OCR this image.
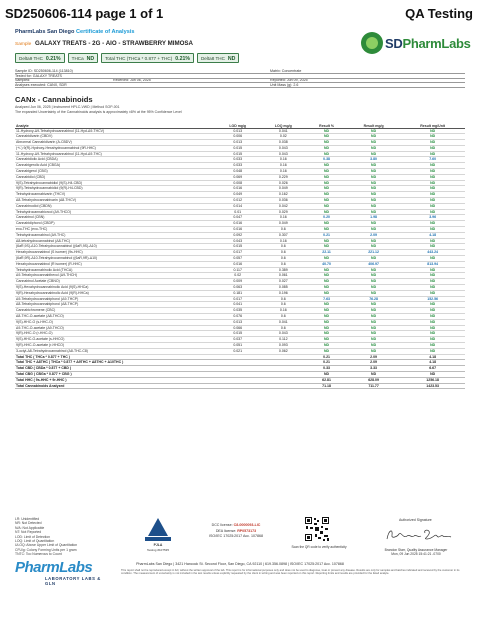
SD250606-114 page 1 of 1	QA Testing
PharmLabs San Diego Certificate of Analysis
Sample GALAXY TREATS - 2G - AIO - STRAWBERRY MIMOSA
Delta9 THC 0.21%	THCa ND	Total THC (THCa * 0.877 + THC) 0.21%	Delta8 THC ND
SDPharmLabs
Sample ID: SD250606-114 (113810)	Matrix: Concentrate
Tested for: GALAXY TREATS
Sampled:	Received: Jun 06, 2025	Reported: Jun 09, 2025
Analyses executed: CANX, SDR	Unit Mass (g): 2.6
CANx - Cannabinoids
Analyzed Jun 06, 2025 | Instrument HPLC-VWD | Method SOP-001
The expanded Uncertainty of the Cannabinoids analysis is approximately ±8% at the 95% Confidence Level
Analyte	LOD mg/g	LOQ mg/g	Result %	Result mg/g	Result mg/Unit
11-Hydroxy-Δ9-Tetrahydrocannabinol (11-Hyd-Δ9-THCV)	0.013	0.041	ND	ND	ND
Cannabidivarin (CBDV)	0.006	0.02	ND	ND	ND
Abnormal Cannabidivarin (A-CBDV)	0.013	0.038	ND	ND	ND
(+/-) 9(R)-Hydroxy-Hexahydrocannabinol (9R-HHC)	0.015	0.043	ND	ND	ND
11-Hydroxy-Δ9-Tetrahydrocannabinol (11-Hyd-Δ9-THC)	0.015	0.043	ND	ND	ND
Cannabidiolic Acid (CBDA)	0.033	0.16	0.38	3.80	7.60
Cannabigerolic Acid (CBGA)	0.033	0.16	ND	ND	ND
Cannabigerol (CBG)	0.048	0.16	ND	ND	ND
Cannabidiol (CBD)	0.069	0.229	ND	ND	ND
9(S)-Tetrahydrocannabidiol (9(S)-H4-CBD)	0.008	0.026	ND	ND	ND
9(R)-Tetrahydrocannabidiol (9(R)-H4-CBD)	0.016	0.049	ND	ND	ND
Tetrahydrocannabivarin (THCV)	0.049	0.162	ND	ND	ND
Δ8-Tetrahydrocannabivarin (Δ8-THCV)	0.012	0.036	ND	ND	ND
Cannabinodiol (CBDN)	0.014	0.042	ND	ND	ND
Tetrahydrocannabiorcol (Δ9-THCO)	0.01	0.029	ND	ND	ND
Cannabinol (CBN)	0.047	0.16	0.20	1.98	3.96
Cannabidiphorol (CBDP)	0.016	0.049	ND	ND	ND
exo-THC (exo-THC)	0.016	0.6	ND	ND	ND
Tetrahydrocannabinol (Δ9-THC)	0.092	0.307	0.21	2.09	4.18
Δ8-tetrahydrocannabinol (Δ8-THC)	0.043	0.16	ND	ND	ND
(6aR,9S)-Δ10-Tetrahydrocannabinol ((6aR,9S)-Δ10)	0.015	0.6	ND	ND	ND
Hexahydrocannabinol (S isomer) (9s-HHC)	0.017	0.6	22.11	221.12	443.24
(6aR,9R)-Δ10-Tetrahydrocannabinol ((6aR,9R)-Δ10)	0.057	0.6	ND	ND	ND
Hexahydrocannabinol (R isomer) (R-HHC)	0.016	0.6	40.70	406.97	813.94
Tetrahydrocannabinolic Acid (THCA)	0.117	0.389	ND	ND	ND
Δ9-Tetrahydrocannabihexol (Δ9-THCH)	0.02	0.061	ND	ND	ND
Cannabinol Acetate (CBNO)	0.009	0.027	ND	ND	ND
9(S)-Hexahydrocannabinolic Acid (9(S)-HHCa)	0.063	0.085	ND	ND	ND
9(R)-Hexahydrocannabinolic Acid (9(R)-HHCa)	0.181	0.196	ND	ND	ND
Δ9-Tetrahydrocannabiphorol (Δ9-THCP)	0.017	0.6	7.63	76.28	152.56
Δ8-Tetrahydrocannabiphorol (Δ8-THCP)	0.041	0.6	ND	ND	ND
Cannabichromene (CBC)	0.035	0.16	ND	ND	ND
Δ8-THC-O-acetate (Δ8-THCO)	0.076	0.6	ND	ND	ND
9(S)-HHC-O (s-HHC-O)	0.013	0.041	ND	ND	ND
Δ9-THC-O-acetate (Δ9-THCO)	0.066	0.6	ND	ND	ND
9(R)-HHC-O (r-HHC-O)	0.015	0.043	ND	ND	ND
9(S)-HHC-O-acetate (s-HHCO)	0.037	0.112	ND	ND	ND
9(R)-HHC-O-acetate (r-HHCO)	0.051	0.093	ND	ND	ND
3-octyl-Δ8-Tetrahydrocannabinol (Δ8-THC-C8)	0.021	0.062	ND	ND	ND
Total THC ( THCa * 0.877 + THC )			0.21	2.09	4.18
Total THC + Δ8THC ( THCa * 0.877 + Δ9THC + Δ8THC + Δ10THC )			0.21	2.09	4.18
Total CBD ( CBDa * 0.877 + CBD )			0.33	3.33	6.67
Total CBG ( CBGa * 0.877 + CBG )			ND	ND	ND
Total HHC ( 9s-HHC + 9r-HHC )			62.81	628.09	1256.18
Total Cannabinoids Analyzed			71.18	711.77	1423.53
LR: Unidentified
NR: Not Detected
N/A: Not Applicable
NT: Not Reported
LOD: Limit of Detection
LOQ: Limit of Quantitation
ULOQ: Above Upper Limit of Quantitation
CFU/g: Colony Forming Units per 1 gram
TNTC: Too Numerous to Count
PharmLabs
LABORATORY LABS & GLN
PJLA
Testing #107535
DCC license: C8-0000093-LIC
DEA license: RP0573173
ISO/IEC 17025:2017 Acc. 107868
Scan the QR code to verify authenticity
Authorized Signature
Brandon Starr, Quality Assurance Manager
Mon, 09 Jun 2025 15:41:21 -0700
PharmLabs San Diego | 3421 Hancock St. Second Floor, San Diego, CA 92110 | 619.356.0898 | ISO/IEC 17025:2017 Acc. 107868
This report shall not be reproduced except in full, without the written approval of the lab. This report is for informational purposes only and does not be used to diagnose, treat or prevent any disease. Results are only for samples and batches indicated and received by the customer in its condition. The measurement of uncertainty is not included in the test results unless explicitly requested by the client in writing and was been reported on this report. Reporting limits and results are provided for the listed analyte.
